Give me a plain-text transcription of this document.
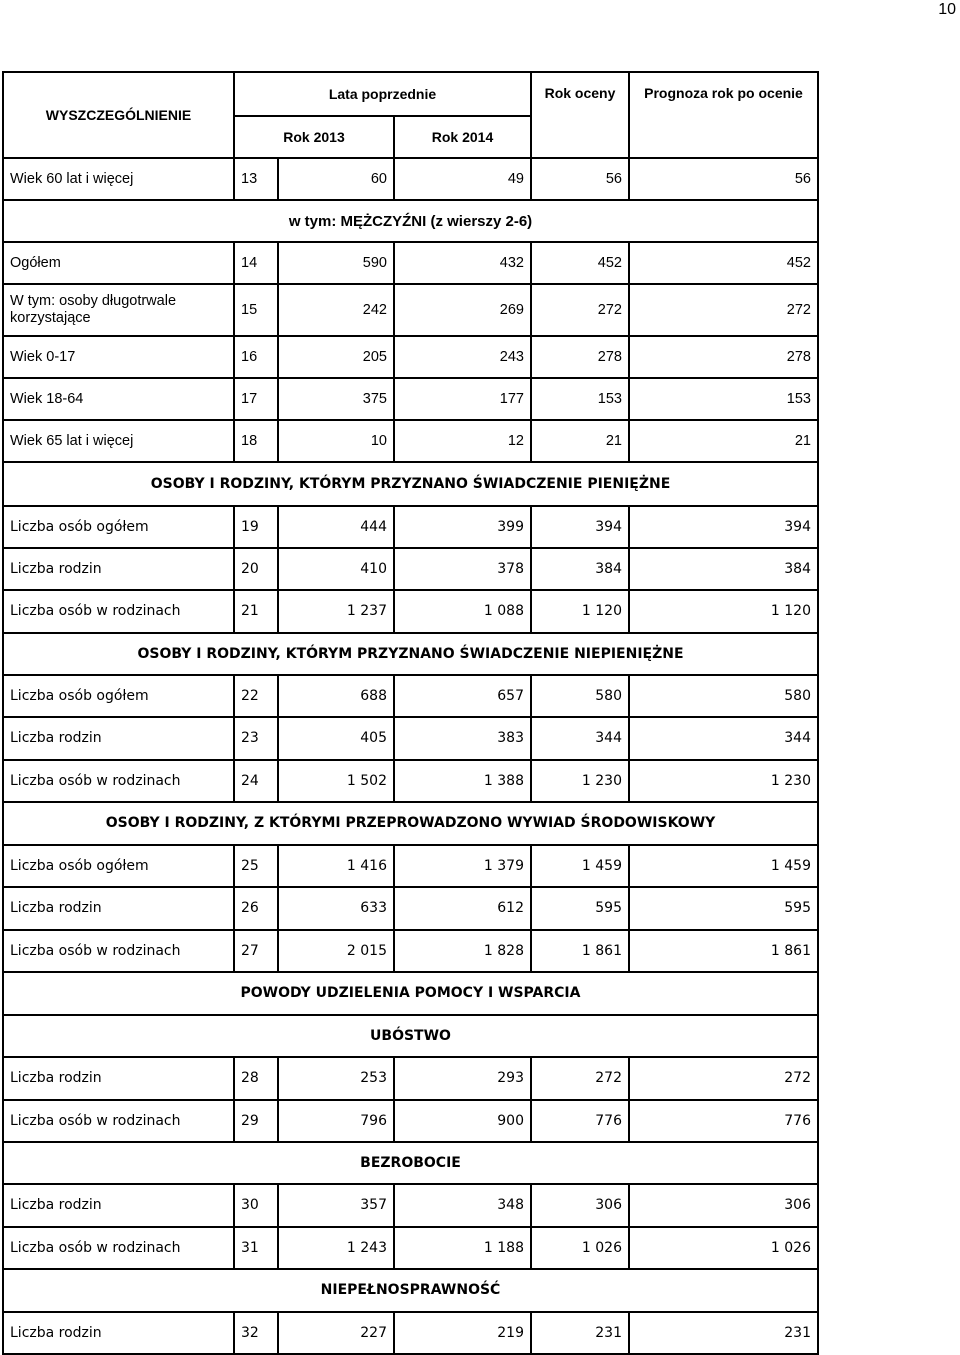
10
WYSZCZEGÓLNIENIE	Lata poprzednie			Rok oceny	Prognoza rok po ocenie
	Rok 2013		Rok 2014		
Wiek 60 lat i więcej	13	60	49	56	56
w tym: MĘŻCZYŹNI (z wierszy 2-6)					
Ogółem	14	590	432	452	452
W tym: osoby długotrwale korzystające	15	242	269	272	272
Wiek 0-17	16	205	243	278	278
Wiek 18-64	17	375	177	153	153
Wiek 65 lat i więcej	18	10	12	21	21
OSOBY I RODZINY, KTÓRYM PRZYZNANO ŚWIADCZENIE PIENIĘŻNE					
Liczba osób ogółem	19	444	399	394	394
Liczba rodzin	20	410	378	384	384
Liczba osób w rodzinach	21	1 237	1 088	1 120	1 120
OSOBY I RODZINY, KTÓRYM PRZYZNANO ŚWIADCZENIE NIEPIENIĘŻNE					
Liczba osób ogółem	22	688	657	580	580
Liczba rodzin	23	405	383	344	344
Liczba osób w rodzinach	24	1 502	1 388	1 230	1 230
OSOBY I RODZINY, Z KTÓRYMI PRZEPROWADZONO WYWIAD ŚRODOWISKOWY					
Liczba osób ogółem	25	1 416	1 379	1 459	1 459
Liczba rodzin	26	633	612	595	595
Liczba osób w rodzinach	27	2 015	1 828	1 861	1 861
POWODY UDZIELENIA POMOCY I WSPARCIA					
UBÓSTWO					
Liczba rodzin	28	253	293	272	272
Liczba osób w rodzinach	29	796	900	776	776
BEZROBOCIE					
Liczba rodzin	30	357	348	306	306
Liczba osób w rodzinach	31	1 243	1 188	1 026	1 026
NIEPEŁNOSPRAWNOŚĆ					
Liczba rodzin	32	227	219	231	231
